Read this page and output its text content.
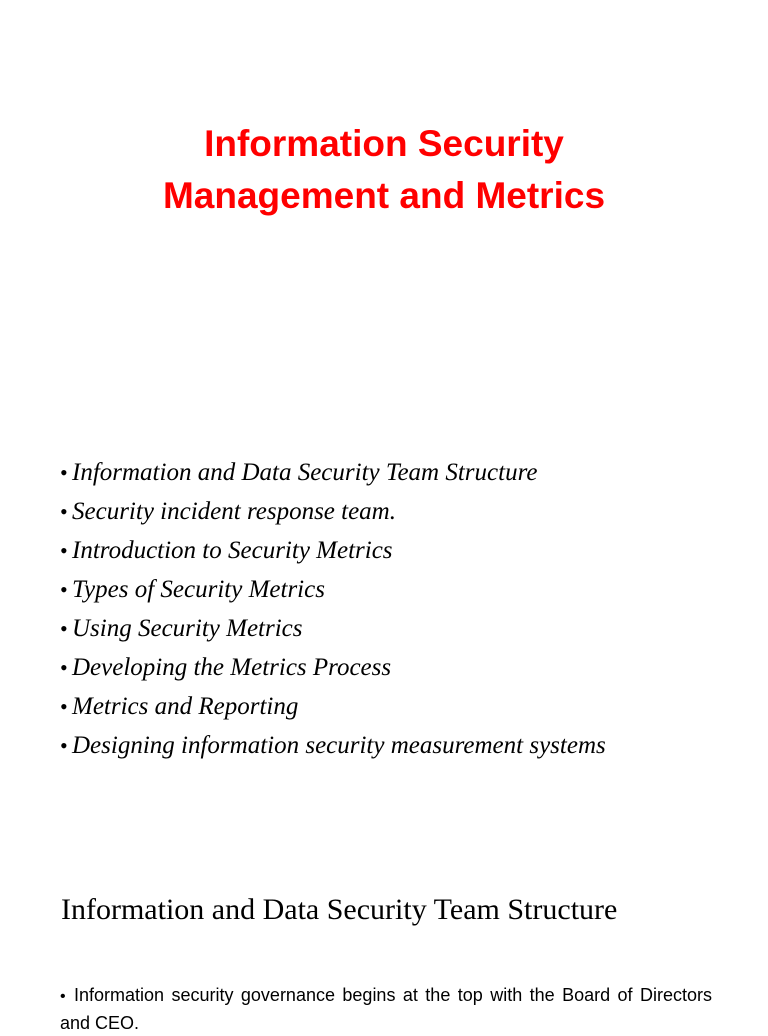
Information Security
Management and Metrics
• Information and Data Security Team Structure
• Security incident response team.
• Introduction to Security Metrics
• Types of Security Metrics
• Using Security Metrics
• Developing the Metrics Process
• Metrics and Reporting
• Designing information security measurement systems
Information and Data Security Team Structure
• Information security governance begins at the top with the Board of Directors and CEO.
